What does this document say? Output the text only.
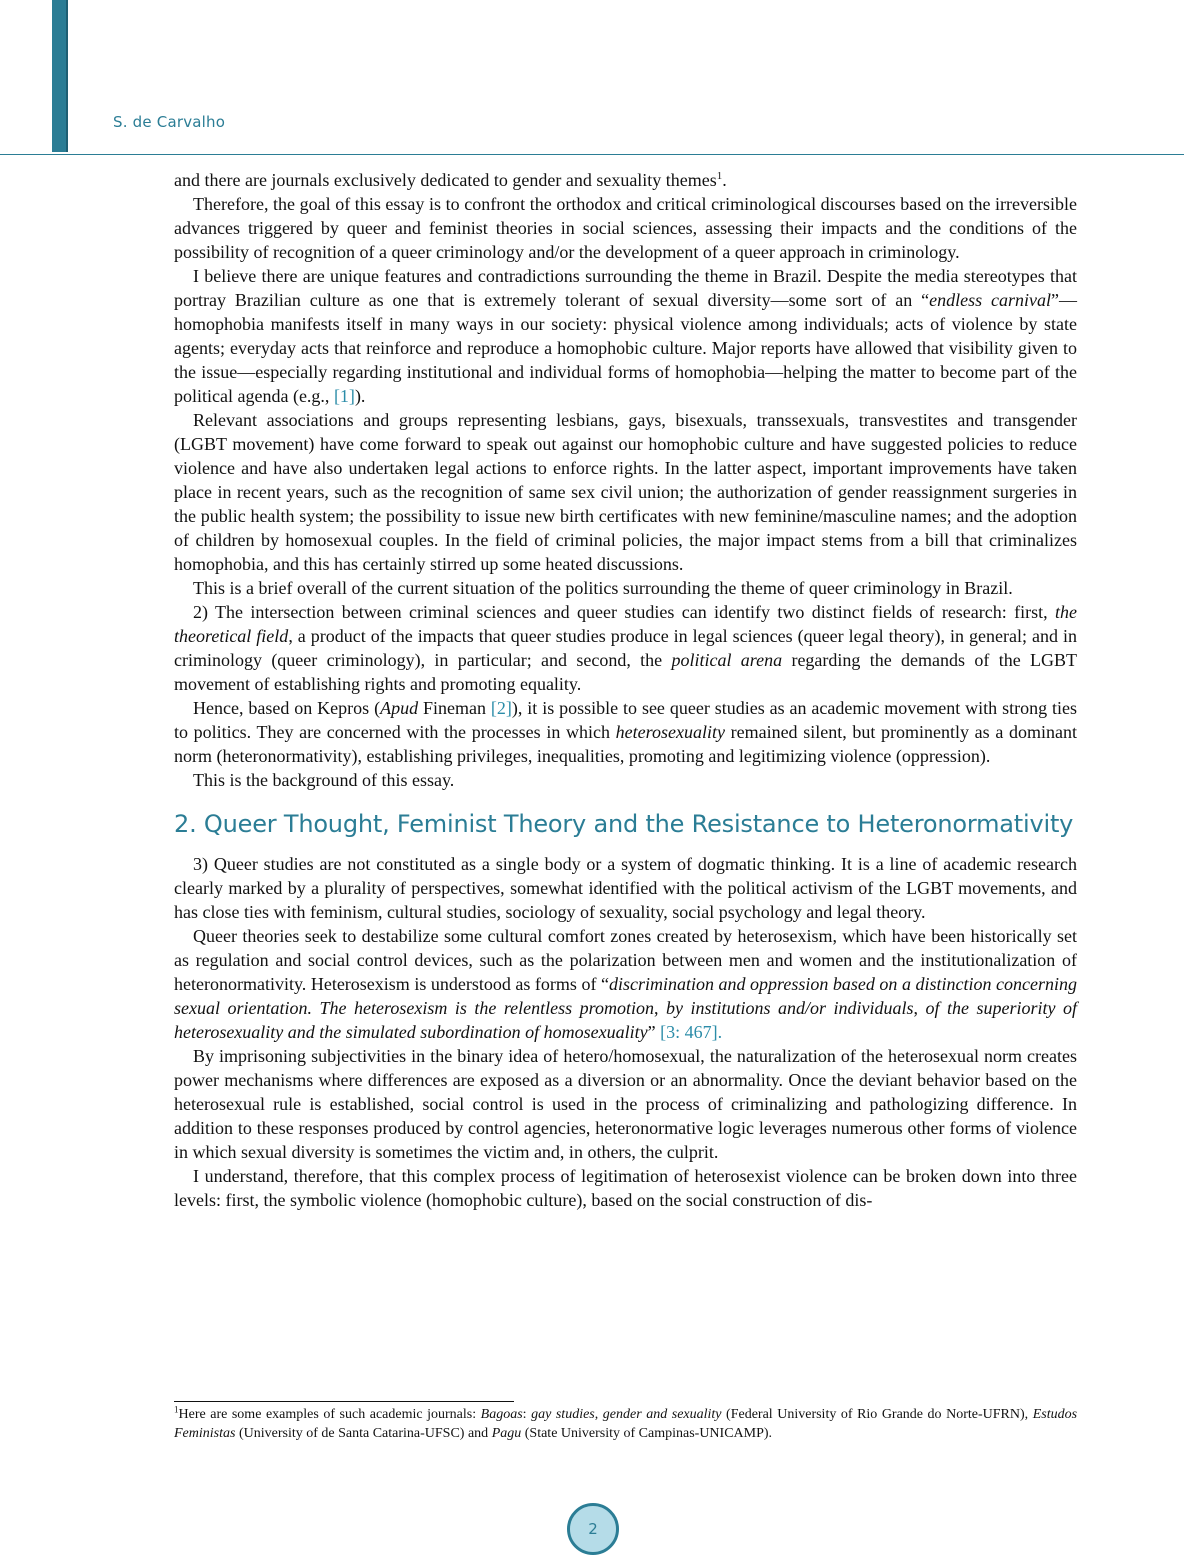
S. de Carvalho

and there are journals exclusively dedicated to gender and sexuality themes$^1$.

Therefore, the goal of this essay is to confront the orthodox and critical criminological discourses based on the irreversible advances triggered by queer and feminist theories in social sciences, assessing their impacts and the conditions of the possibility of recognition of a queer criminology and/or the development of a queer approach in criminology.

I believe there are unique features and contradictions surrounding the theme in Brazil. Despite the media stereotypes that portray Brazilian culture as one that is extremely tolerant of sexual diversity—some sort of an “endless carnival”—homophobia manifests itself in many ways in our society: physical violence among individuals; acts of violence by state agents; everyday acts that reinforce and reproduce a homophobic culture. Major reports have allowed that visibility given to the issue—especially regarding institutional and individual forms of homophobia—helping the matter to become part of the political agenda (e.g., [1]).

Relevant associations and groups representing lesbians, gays, bisexuals, transsexuals, transvestites and transgender (LGBT movement) have come forward to speak out against our homophobic culture and have suggested policies to reduce violence and have also undertaken legal actions to enforce rights. In the latter aspect, important improvements have taken place in recent years, such as the recognition of same sex civil union; the authorization of gender reassignment surgeries in the public health system; the possibility to issue new birth certificates with new feminine/masculine names; and the adoption of children by homosexual couples. In the field of criminal policies, the major impact stems from a bill that criminalizes homophobia, and this has certainly stirred up some heated discussions.

This is a brief overall of the current situation of the politics surrounding the theme of queer criminology in Brazil.

2) The intersection between criminal sciences and queer studies can identify two distinct fields of research: first, the theoretical field, a product of the impacts that queer studies produce in legal sciences (queer legal theory), in general; and in criminology (queer criminology), in particular; and second, the political arena regarding the demands of the LGBT movement of establishing rights and promoting equality.

Hence, based on Kepros (Apud Fineman [2]), it is possible to see queer studies as an academic movement with strong ties to politics. They are concerned with the processes in which heterosexuality remained silent, but prominently as a dominant norm (heteronormativity), establishing privileges, inequalities, promoting and legitimizing violence (oppression).

This is the background of this essay.

2. Queer Thought, Feminist Theory and the Resistance to Heteronormativity

3) Queer studies are not constituted as a single body or a system of dogmatic thinking. It is a line of academic research clearly marked by a plurality of perspectives, somewhat identified with the political activism of the LGBT movements, and has close ties with feminism, cultural studies, sociology of sexuality, social psychology and legal theory.

Queer theories seek to destabilize some cultural comfort zones created by heterosexism, which have been historically set as regulation and social control devices, such as the polarization between men and women and the institutionalization of heteronormativity. Heterosexism is understood as forms of “discrimination and oppression based on a distinction concerning sexual orientation. The heterosexism is the relentless promotion, by institutions and/or individuals, of the superiority of heterosexuality and the simulated subordination of homosexuality” [3: 467].

By imprisoning subjectivities in the binary idea of hetero/homosexual, the naturalization of the heterosexual norm creates power mechanisms where differences are exposed as a diversion or an abnormality. Once the deviant behavior based on the heterosexual rule is established, social control is used in the process of criminalizing and pathologizing difference. In addition to these responses produced by control agencies, heteronormative logic leverages numerous other forms of violence in which sexual diversity is sometimes the victim and, in others, the culprit.

I understand, therefore, that this complex process of legitimation of heterosexist violence can be broken down into three levels: first, the symbolic violence (homophobic culture), based on the social construction of dis-

$^1$Here are some examples of such academic journals: Bagoas: gay studies, gender and sexuality (Federal University of Rio Grande do Norte-UFRN), Estudos Feministas (University of de Santa Catarina-UFSC) and Pagu (State University of Campinas-UNICAMP).

2
